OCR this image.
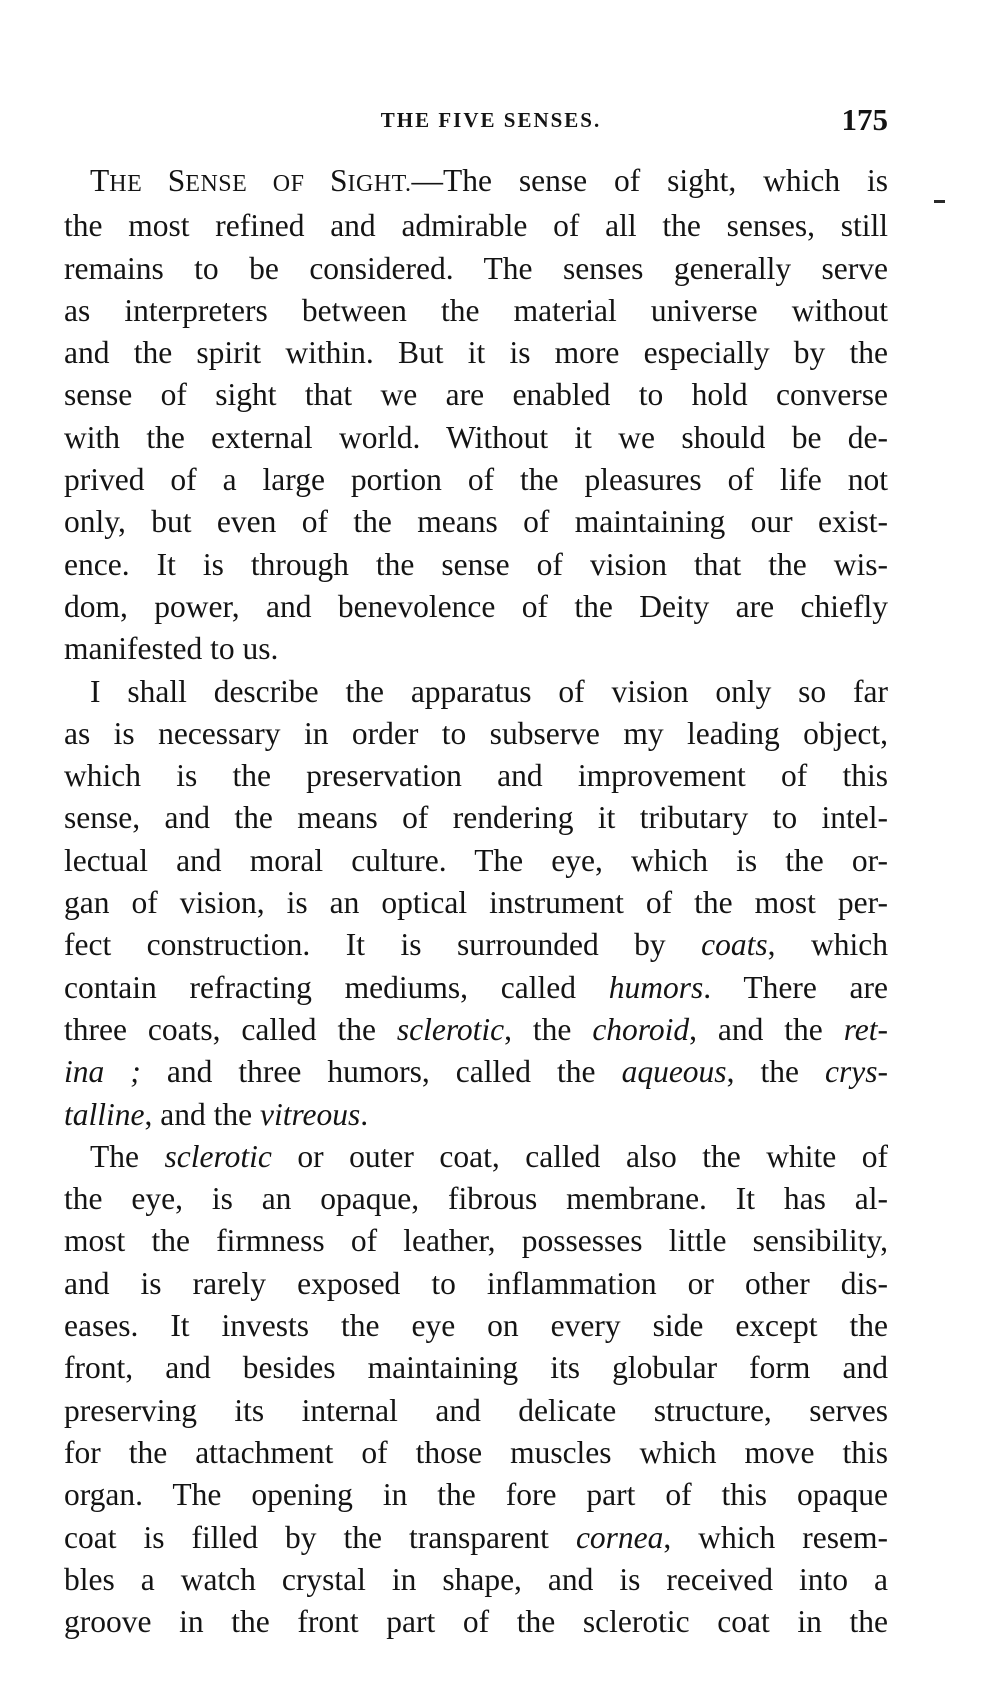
THE FIVE SENSES.	175
THE SENSE OF SIGHT.—The sense of sight, which is
the most refined and admirable of all the senses, still
remains to be considered. The senses generally serve
as interpreters between the material universe without
and the spirit within. But it is more especially by the
sense of sight that we are enabled to hold converse
with the external world. Without it we should be de-
prived of a large portion of the pleasures of life not
only, but even of the means of maintaining our exist-
ence. It is through the sense of vision that the wis-
dom, power, and benevolence of the Deity are chiefly
manifested to us.
I shall describe the apparatus of vision only so far
as is necessary in order to subserve my leading object,
which is the preservation and improvement of this
sense, and the means of rendering it tributary to intel-
lectual and moral culture. The eye, which is the or-
gan of vision, is an optical instrument of the most per-
fect construction. It is surrounded by coats, which
contain refracting mediums, called humors. There are
three coats, called the sclerotic, the choroid, and the ret-
ina ; and three humors, called the aqueous, the crys-
talline, and the vitreous.
The sclerotic or outer coat, called also the white of
the eye, is an opaque, fibrous membrane. It has al-
most the firmness of leather, possesses little sensibility,
and is rarely exposed to inflammation or other dis-
eases. It invests the eye on every side except the
front, and besides maintaining its globular form and
preserving its internal and delicate structure, serves
for the attachment of those muscles which move this
organ. The opening in the fore part of this opaque
coat is filled by the transparent cornea, which resem-
bles a watch crystal in shape, and is received into a
groove in the front part of the sclerotic coat in the
